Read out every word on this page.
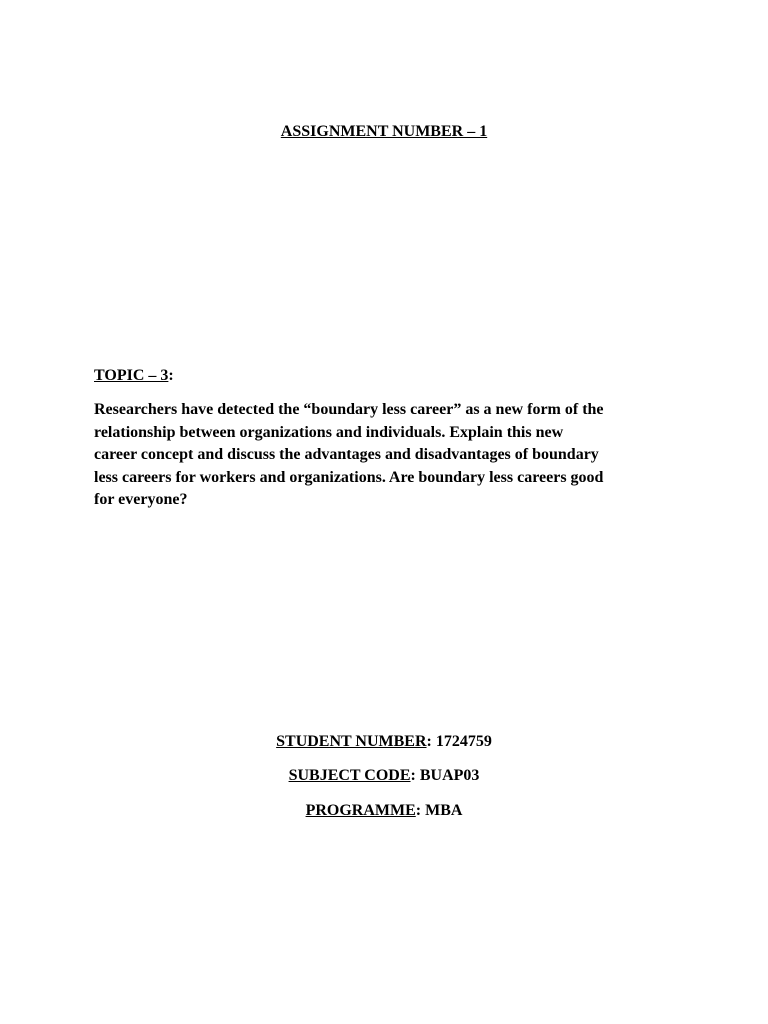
ASSIGNMENT NUMBER – 1
TOPIC – 3:

Researchers have detected the “boundary less career” as a new form of the
relationship between organizations and individuals. Explain this new
career concept and discuss the advantages and disadvantages of boundary
less careers for workers and organizations. Are boundary less careers good
for everyone?

STUDENT NUMBER: 1724759
SUBJECT CODE: BUAP03
PROGRAMME: MBA
